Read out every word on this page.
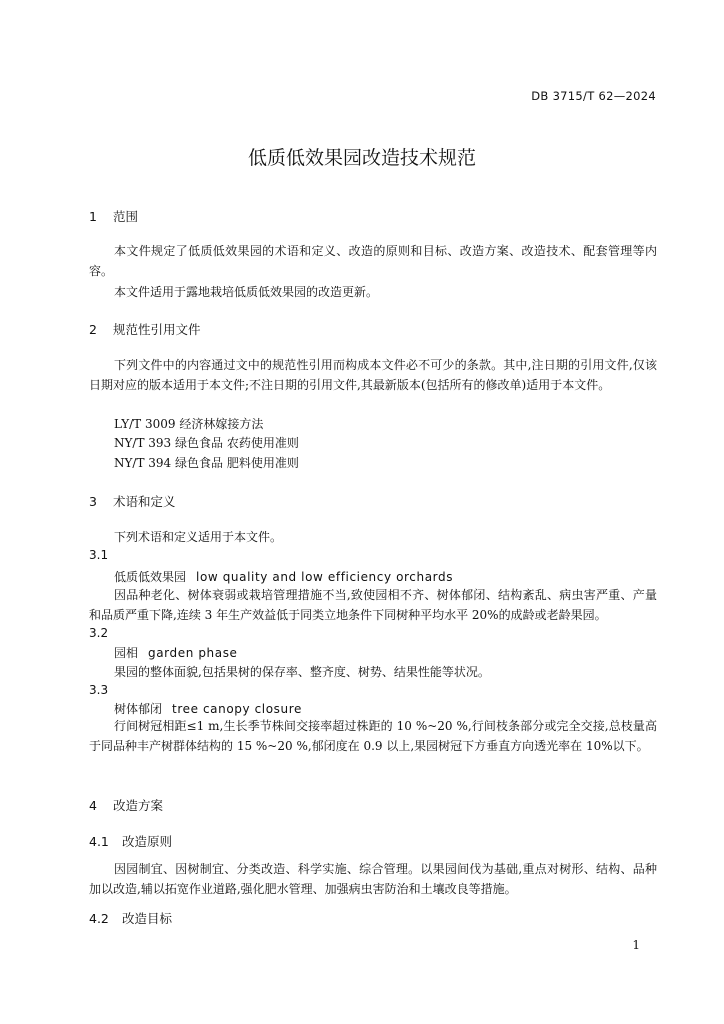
DB 3715/T 62—2024
低质低效果园改造技术规范
1 范围
本文件规定了低质低效果园的术语和定义、改造的原则和目标、改造方案、改造技术、配套管理等内容。
本文件适用于露地栽培低质低效果园的改造更新。
2 规范性引用文件
下列文件中的内容通过文中的规范性引用而构成本文件必不可少的条款。其中,注日期的引用文件,仅该日期对应的版本适用于本文件;不注日期的引用文件,其最新版本(包括所有的修改单)适用于本文件。
LY/T 3009 经济林嫁接方法
NY/T 393 绿色食品 农药使用准则
NY/T 394 绿色食品 肥料使用准则
3 术语和定义
下列术语和定义适用于本文件。
3.1
低质低效果园 low quality and low efficiency orchards
因品种老化、树体衰弱或栽培管理措施不当,致使园相不齐、树体郁闭、结构紊乱、病虫害严重、产量和品质严重下降,连续 3 年生产效益低于同类立地条件下同树种平均水平 20%的成龄或老龄果园。
3.2
园相 garden phase
果园的整体面貌,包括果树的保存率、整齐度、树势、结果性能等状况。
3.3
树体郁闭 tree canopy closure
行间树冠相距≤1 m,生长季节株间交接率超过株距的 10 %~20 %,行间枝条部分或完全交接,总枝量高于同品种丰产树群体结构的 15 %~20 %,郁闭度在 0.9 以上,果园树冠下方垂直方向透光率在 10%以下。
4 改造方案
4.1 改造原则
因园制宜、因树制宜、分类改造、科学实施、综合管理。以果园间伐为基础,重点对树形、结构、品种加以改造,辅以拓宽作业道路,强化肥水管理、加强病虫害防治和土壤改良等措施。
4.2 改造目标
1
